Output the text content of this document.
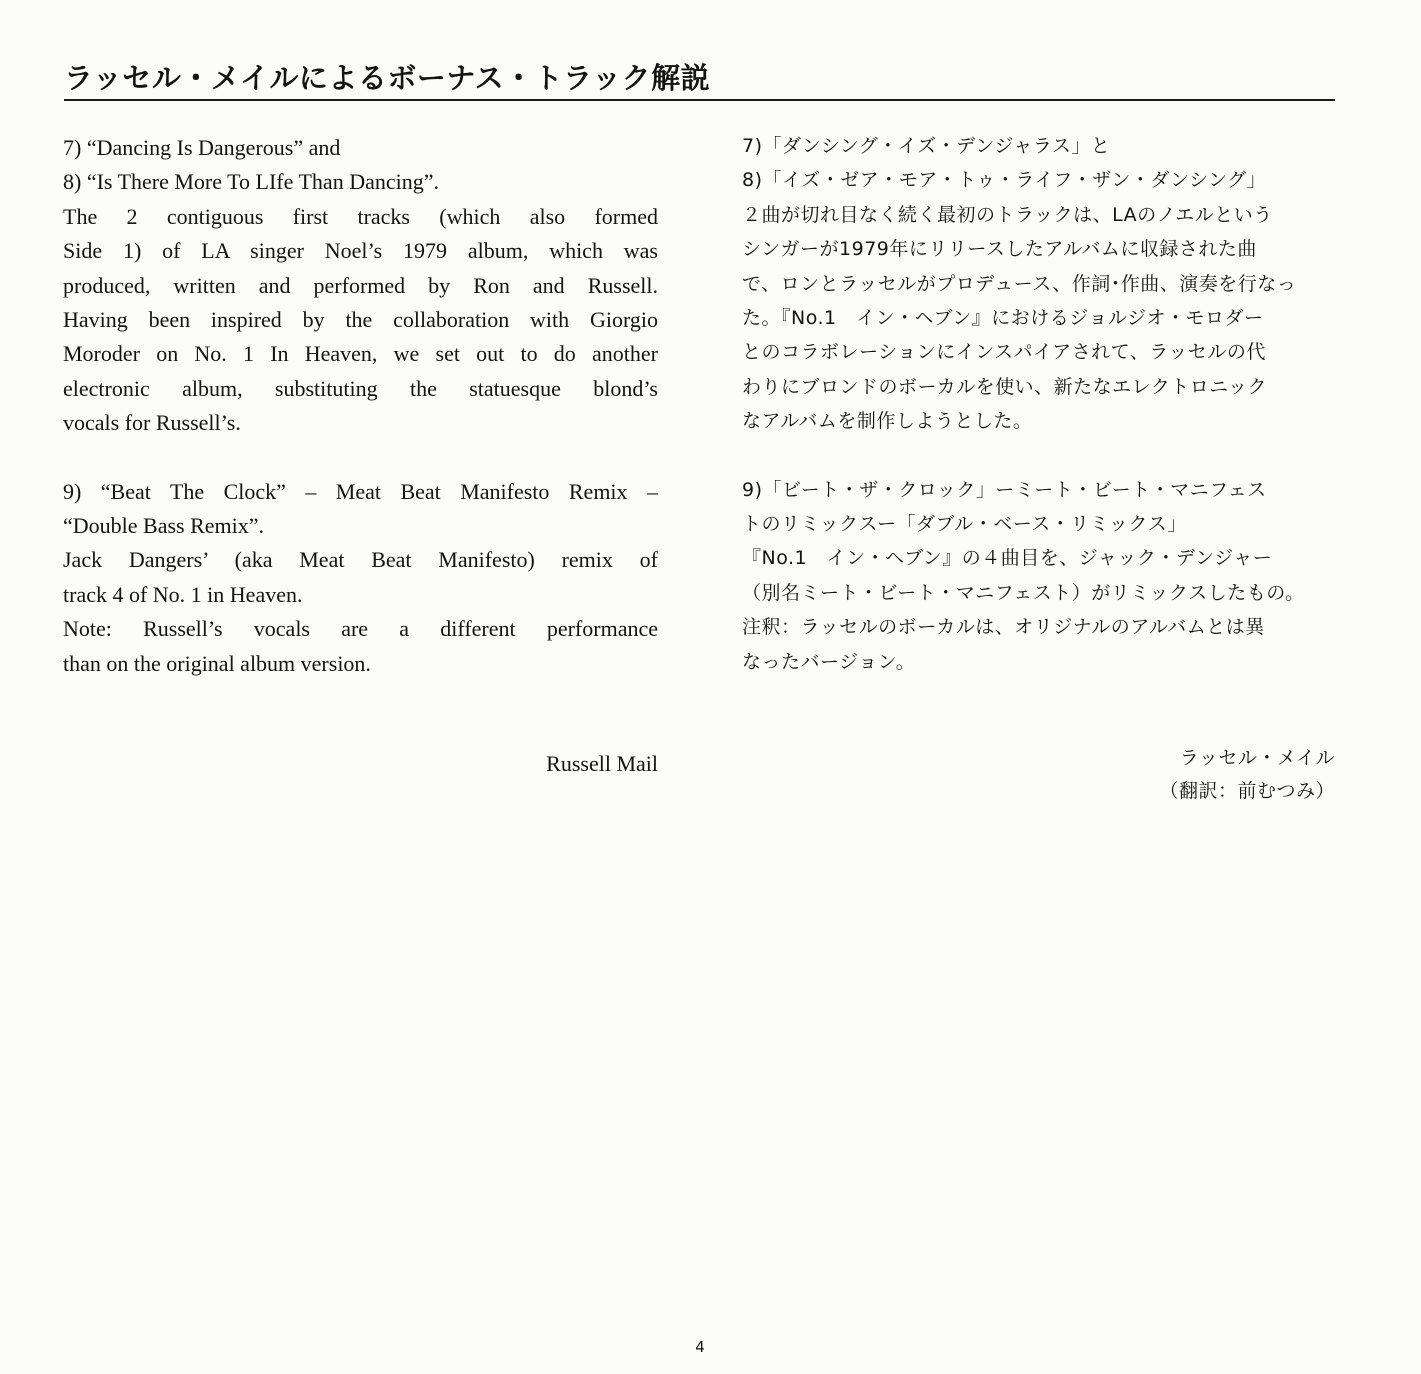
ラッセル・メイルによるボーナス・トラック解説

7) “Dancing Is Dangerous” and
8) “Is There More To LIfe Than Dancing”.

The 2 contiguous first tracks (which also formed
Side 1) of LA singer Noel’s 1979 album, which was
produced, written and performed by Ron and Russell.
Having been inspired by the collaboration with Giorgio
Moroder on No. 1 In Heaven, we set out to do another
electronic album, substituting the statuesque blond’s
vocals for Russell’s.

9) “Beat The Clock” – Meat Beat Manifesto Remix –
“Double Bass Remix”.

Jack Dangers’ (aka Meat Beat Manifesto) remix of
track 4 of No. 1 in Heaven.
Note: Russell’s vocals are a different performance
than on the original album version.

7)「ダンシング・イズ・デンジャラス」と
8)「イズ・ゼア・モア・トゥ・ライフ・ザン・ダンシング」

２曲が切れ目なく続く最初のトラックは、LAのノエルという
シンガーが1979年にリリースしたアルバムに収録された曲
で、ロンとラッセルがプロデュース、作詞･作曲、演奏を行なっ
た。『No.1　イン・ヘブン』におけるジョルジオ・モロダー
とのコラボレーションにインスパイアされて、ラッセルの代
わりにブロンドのボーカルを使い、新たなエレクトロニック
なアルバムを制作しようとした。

9)「ビート・ザ・クロック」ーミート・ビート・マニフェス
トのリミックスー「ダブル・ベース・リミックス」

『No.1　イン・ヘブン』の４曲目を、ジャック・デンジャー
（別名ミート・ビート・マニフェスト）がリミックスしたもの。
注釈：ラッセルのボーカルは、オリジナルのアルバムとは異
なったバージョン。

Russell Mail	ラッセル・メイル
（翻訳：前むつみ）
4
